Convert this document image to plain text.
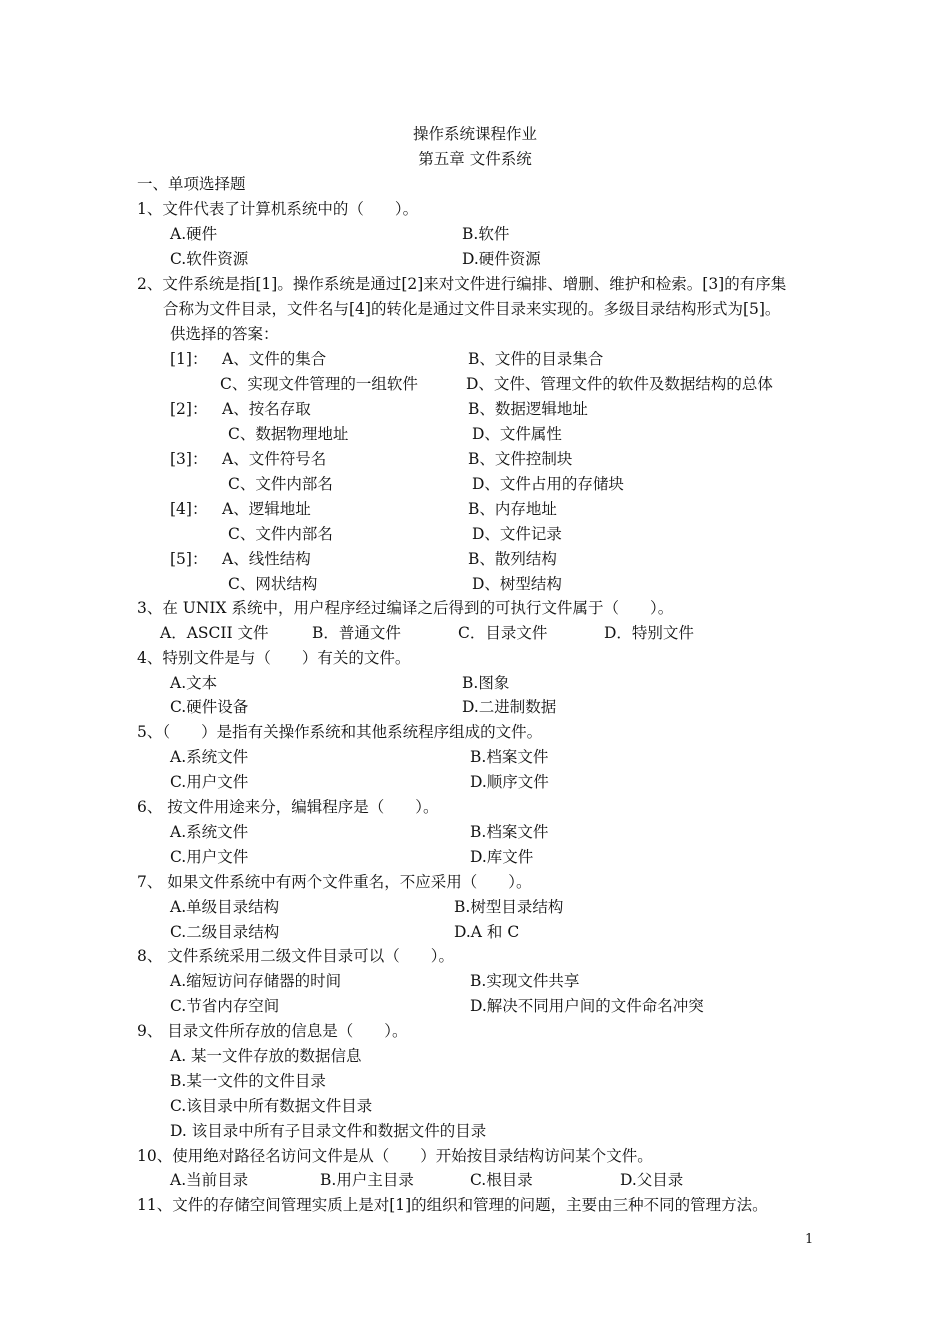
操作系统课程作业
第五章 文件系统
一、单项选择题
1、文件代表了计算机系统中的（　　）。
A.硬件	B.软件
C.软件资源	D.硬件资源
2、文件系统是指[1]。操作系统是通过[2]来对文件进行编排、增删、维护和检索。[3]的有序集
合称为文件目录，文件名与[4]的转化是通过文件目录来实现的。多级目录结构形式为[5]。
供选择的答案：
[1]： A、文件的集合	B、文件的目录集合
C、实现文件管理的一组软件	D、文件、管理文件的软件及数据结构的总体
[2]： A、按名存取	B、数据逻辑地址
C、数据物理地址	D、文件属性
[3]： A、文件符号名	B、文件控制块
C、文件内部名	D、文件占用的存储块
[4]： A、逻辑地址	B、内存地址
C、文件内部名	D、文件记录
[5]： A、线性结构	B、散列结构
C、网状结构	D、树型结构
3、在 UNIX 系统中，用户程序经过编译之后得到的可执行文件属于（　　）。
A．ASCII 文件	B．普通文件	C．目录文件	D．特别文件
4、特别文件是与（　　）有关的文件。
A.文本	B.图象
C.硬件设备	D.二进制数据
5、（　　）是指有关操作系统和其他系统程序组成的文件。
A.系统文件	B.档案文件
C.用户文件	D.顺序文件
6、 按文件用途来分，编辑程序是（　　）。
A.系统文件	B.档案文件
C.用户文件	D.库文件
7、 如果文件系统中有两个文件重名，不应采用（　　）。
A.单级目录结构	B.树型目录结构
C.二级目录结构	D.A 和 C
8、 文件系统采用二级文件目录可以（　　）。
A.缩短访问存储器的时间	B.实现文件共享
C.节省内存空间	D.解决不同用户间的文件命名冲突
9、 目录文件所存放的信息是（　　）。
A. 某一文件存放的数据信息
B.某一文件的文件目录
C.该目录中所有数据文件目录
D. 该目录中所有子目录文件和数据文件的目录
10、使用绝对路径名访问文件是从（　　）开始按目录结构访问某个文件。
A.当前目录	B.用户主目录	C.根目录	D.父目录
11、文件的存储空间管理实质上是对[1]的组织和管理的问题，主要由三种不同的管理方法。
1
